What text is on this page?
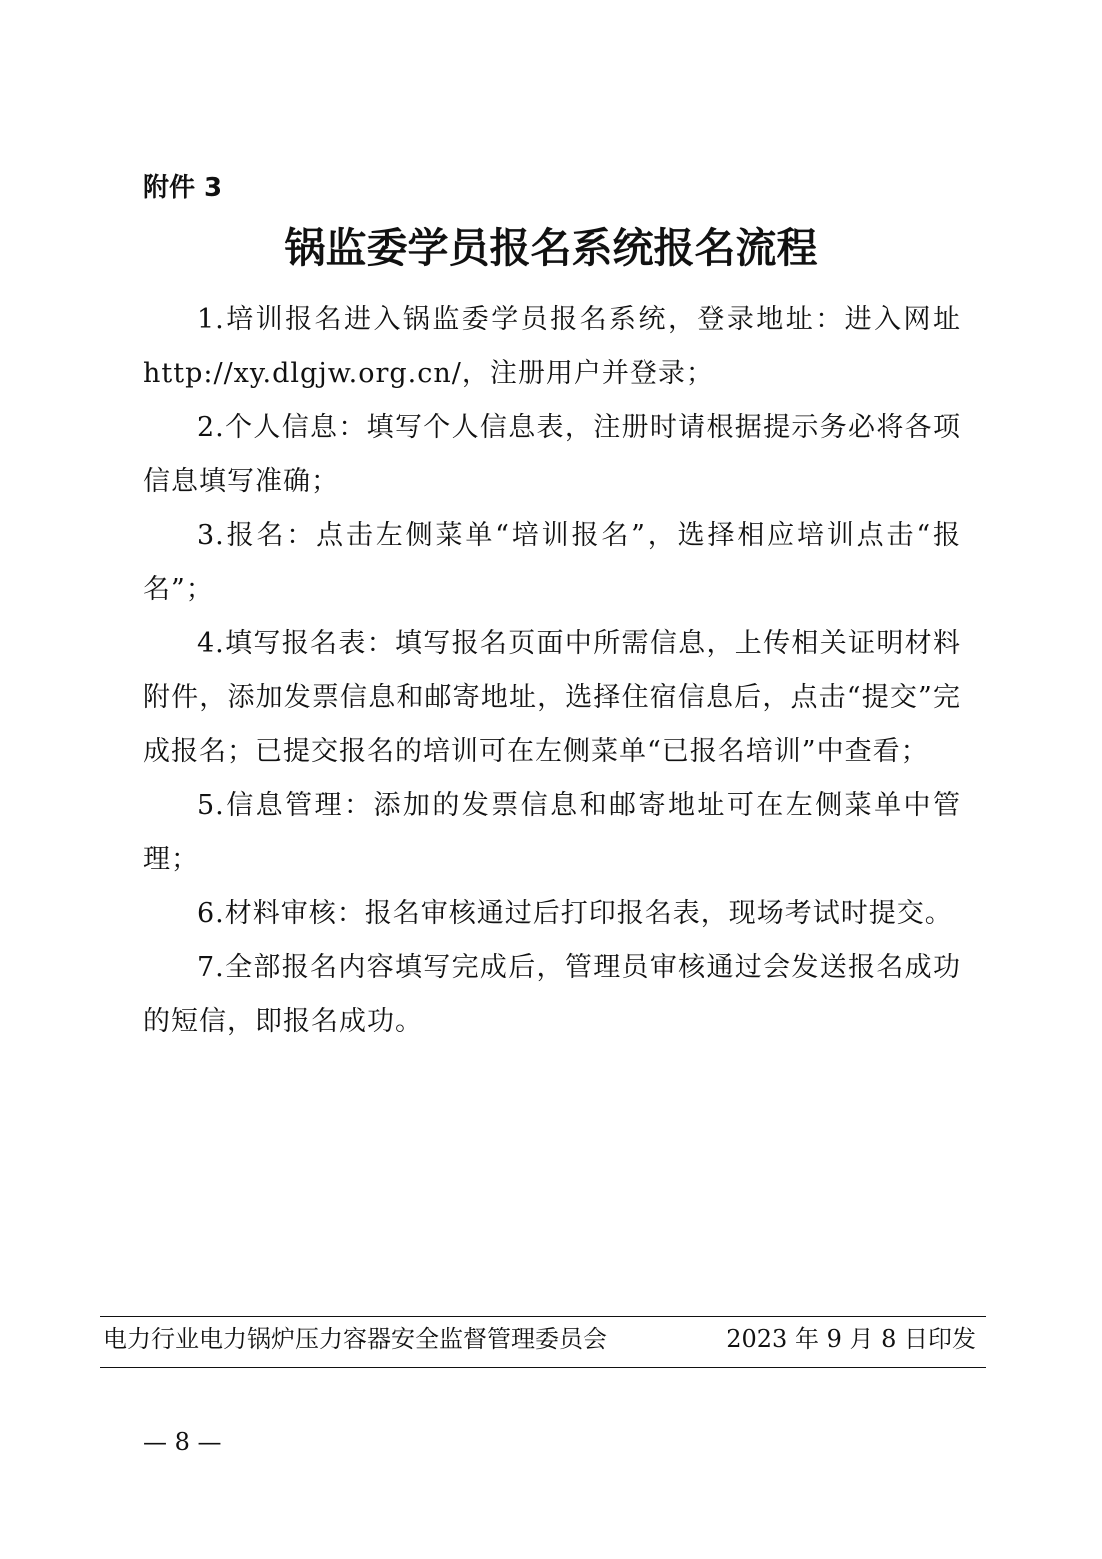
附件 3
锅监委学员报名系统报名流程

1.培训报名进入锅监委学员报名系统，登录地址：进入网址 http://xy.dlgjw.org.cn/，注册用户并登录；

2.个人信息：填写个人信息表，注册时请根据提示务必将各项信息填写准确；

3.报名：点击左侧菜单“培训报名”，选择相应培训点击“报名”；

4.填写报名表：填写报名页面中所需信息，上传相关证明材料附件，添加发票信息和邮寄地址，选择住宿信息后，点击“提交”完成报名；已提交报名的培训可在左侧菜单“已报名培训”中查看；

5.信息管理：添加的发票信息和邮寄地址可在左侧菜单中管理；

6.材料审核：报名审核通过后打印报名表，现场考试时提交。

7.全部报名内容填写完成后，管理员审核通过会发送报名成功的短信，即报名成功。

电力行业电力锅炉压力容器安全监督管理委员会	2023 年 9 月 8 日印发
— 8 —
